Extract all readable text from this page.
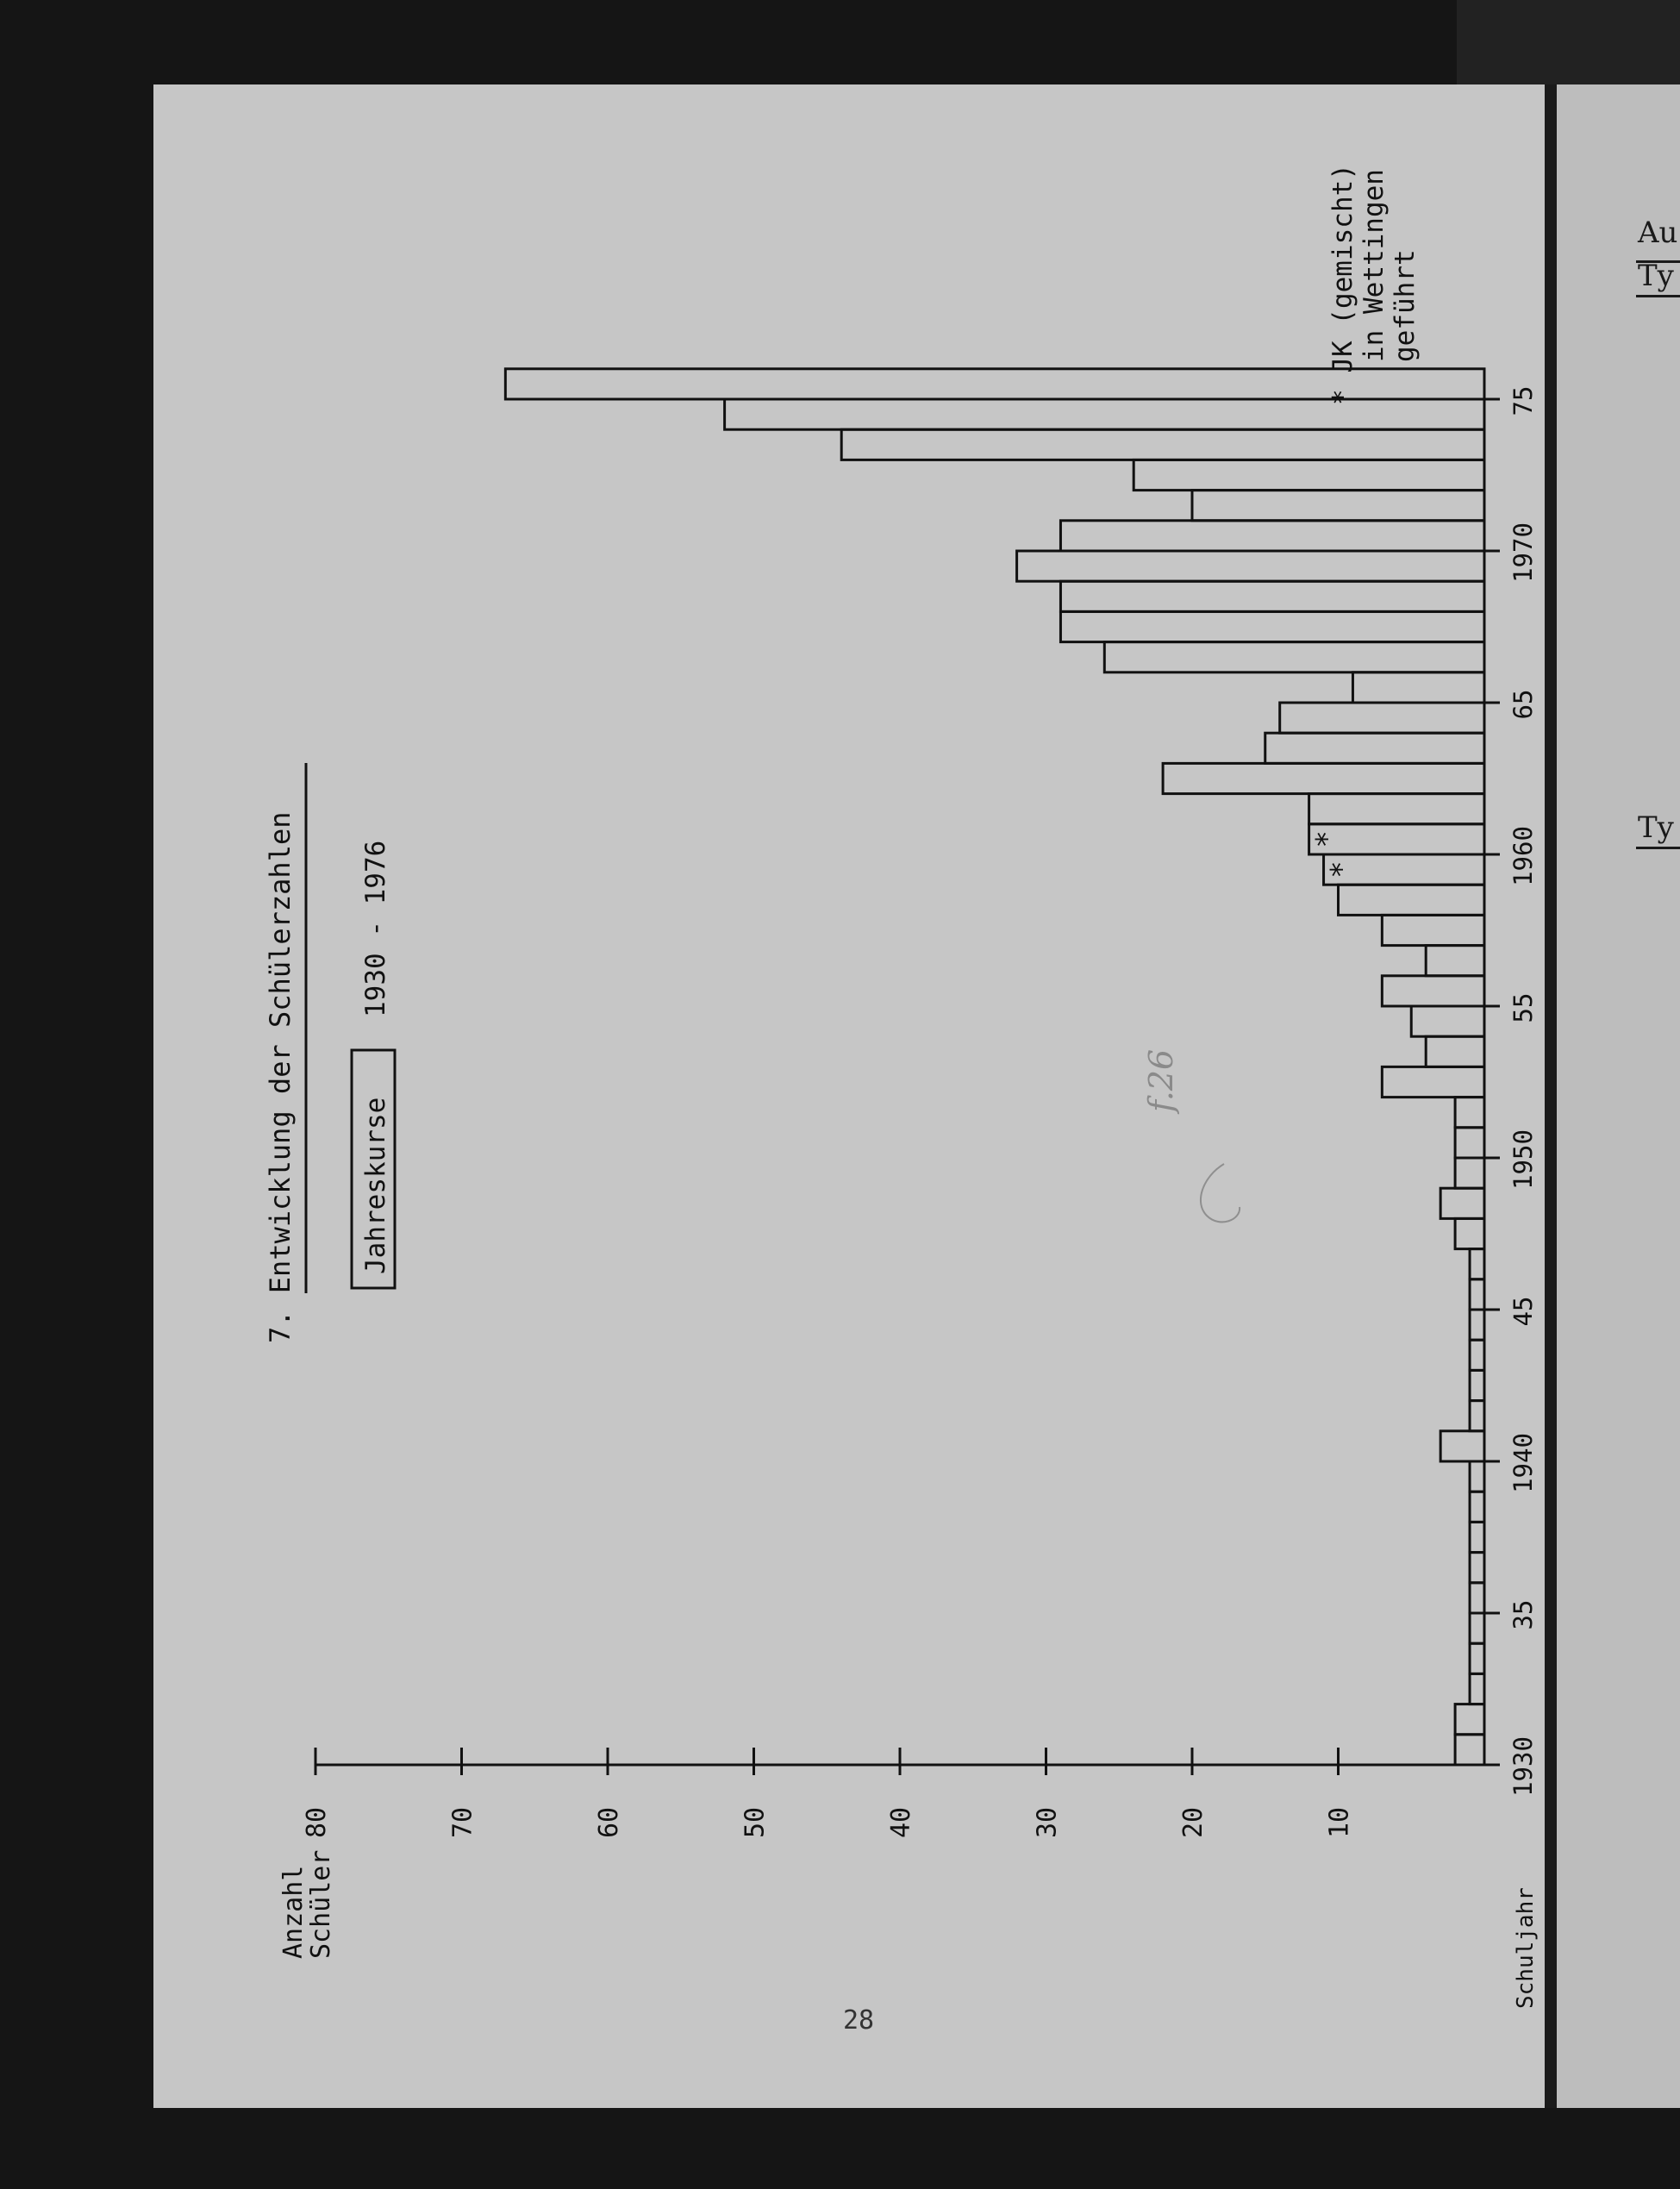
Au
Ty
Ty
10
20
30
40
50
60
70
80
1930
35
1940
45
1950
55
1960
65
1970
75
*
*
f.26
7. Entwicklung der Schülerzahlen Jahreskurse
1930 - 1976
Anzahl
Schüler	Schuljahr
* JK (gemischt) in Wettingen geführt
28
